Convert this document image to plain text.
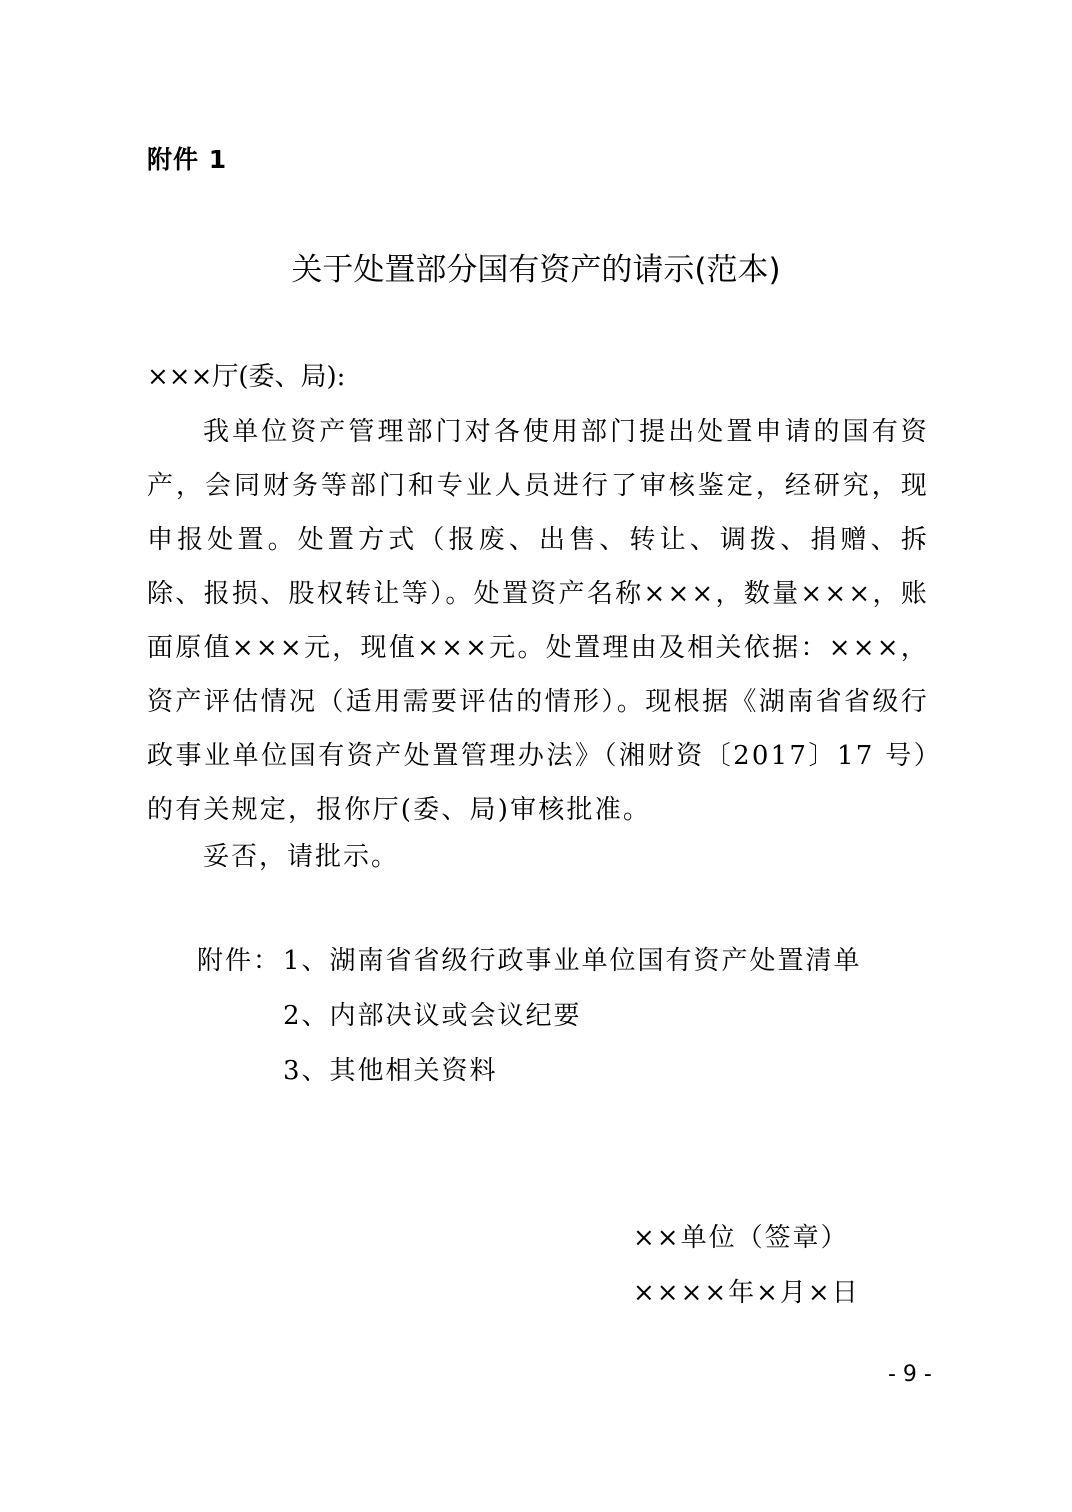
附件 1
关于处置部分国有资产的请示(范本)
×××厅(委、局):

我单位资产管理部门对各使用部门提出处置申请的国有资产，会同财务等部门和专业人员进行了审核鉴定，经研究，现申报处置。处置方式（报废、出售、转让、调拨、捐赠、拆除、报损、股权转让等）。处置资产名称×××，数量×××，账面原值×××元，现值×××元。处置理由及相关依据：×××，资产评估情况（适用需要评估的情形）。现根据《湖南省省级行政事业单位国有资产处置管理办法》（湘财资〔2017〕17 号）的有关规定，报你厅(委、局)审核批准。

妥否，请批示。
附件：1、湖南省省级行政事业单位国有资产处置清单
2、内部决议或会议纪要
3、其他相关资料
××单位（签章）
××××年×月×日
- 9 -
